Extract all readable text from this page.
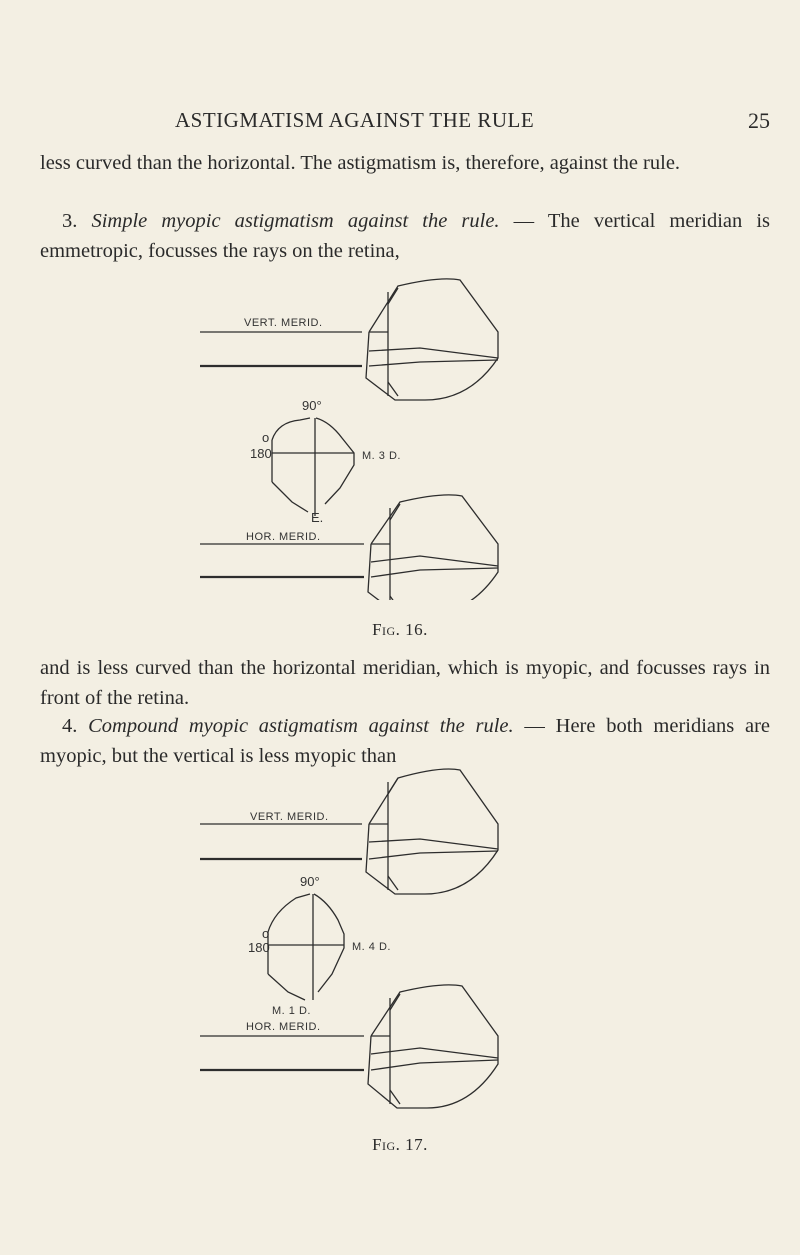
ASTIGMATISM AGAINST THE RULE	25

less curved than the horizontal. The astigmatism is, therefore, against the rule.

3. Simple myopic astigmatism against the rule. — The vertical meridian is emmetropic, focusses the rays on the retina,

VERT. MERID.
90°
o
180	M. 3 D.
E.
HOR. MERID.
Fig. 16.

and is less curved than the horizontal meridian, which is myopic, and focusses rays in front of the retina.

4. Compound myopic astigmatism against the rule. — Here both meridians are myopic, but the vertical is less myopic than

VERT. MERID.
90°
o
180	M. 4 D.
M. 1 D.
HOR. MERID.
Fig. 17.
